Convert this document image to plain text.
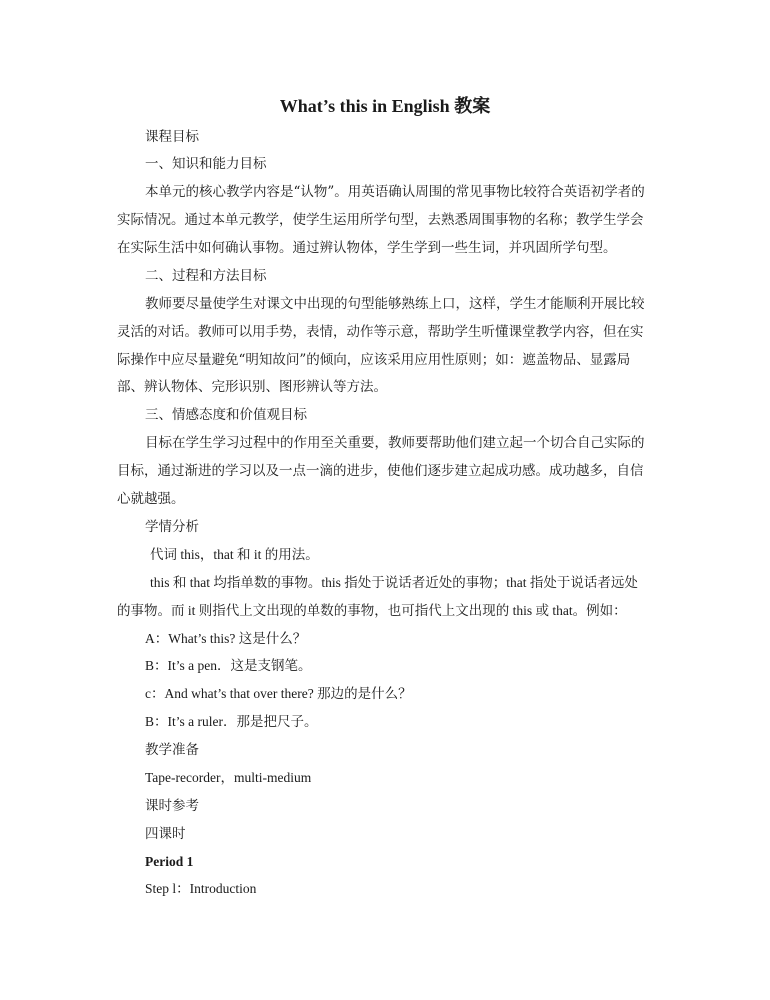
What’s this in English 教案
课程目标
一、知识和能力目标
本单元的核心教学内容是“认物”。用英语确认周围的常见事物比较符合英语初学者的
实际情况。通过本单元教学，使学生运用所学句型，去熟悉周围事物的名称；教学生学会
在实际生活中如何确认事物。通过辨认物体，学生学到一些生词，并巩固所学句型。
二、过程和方法目标
教师要尽量使学生对课文中出现的句型能够熟练上口，这样，学生才能顺利开展比较
灵活的对话。教师可以用手势，表情，动作等示意，帮助学生听懂课堂教学内容，但在实
际操作中应尽量避免“明知故问”的倾向，应该采用应用性原则；如：遮盖物品、显露局
部、辨认物体、完形识别、图形辨认等方法。
三、情感态度和价值观目标
目标在学生学习过程中的作用至关重要，教师要帮助他们建立起一个切合自己实际的
目标，通过渐进的学习以及一点一滴的进步，使他们逐步建立起成功感。成功越多，自信
心就越强。
学情分析
代词 this，that 和 it 的用法。
this 和 that 均指单数的事物。this 指处于说话者近处的事物；that 指处于说话者远处
的事物。而 it 则指代上文出现的单数的事物，也可指代上文出现的 this 或 that。例如：
A：What’s this? 这是什么？
B：It’s a pen．这是支钢笔。
c：And what’s that over there? 那边的是什么？
B：It’s a ruler．那是把尺子。
教学准备
Tape-recorder，multi-medium
课时参考
四课时
Period 1
Step l：Introduction
